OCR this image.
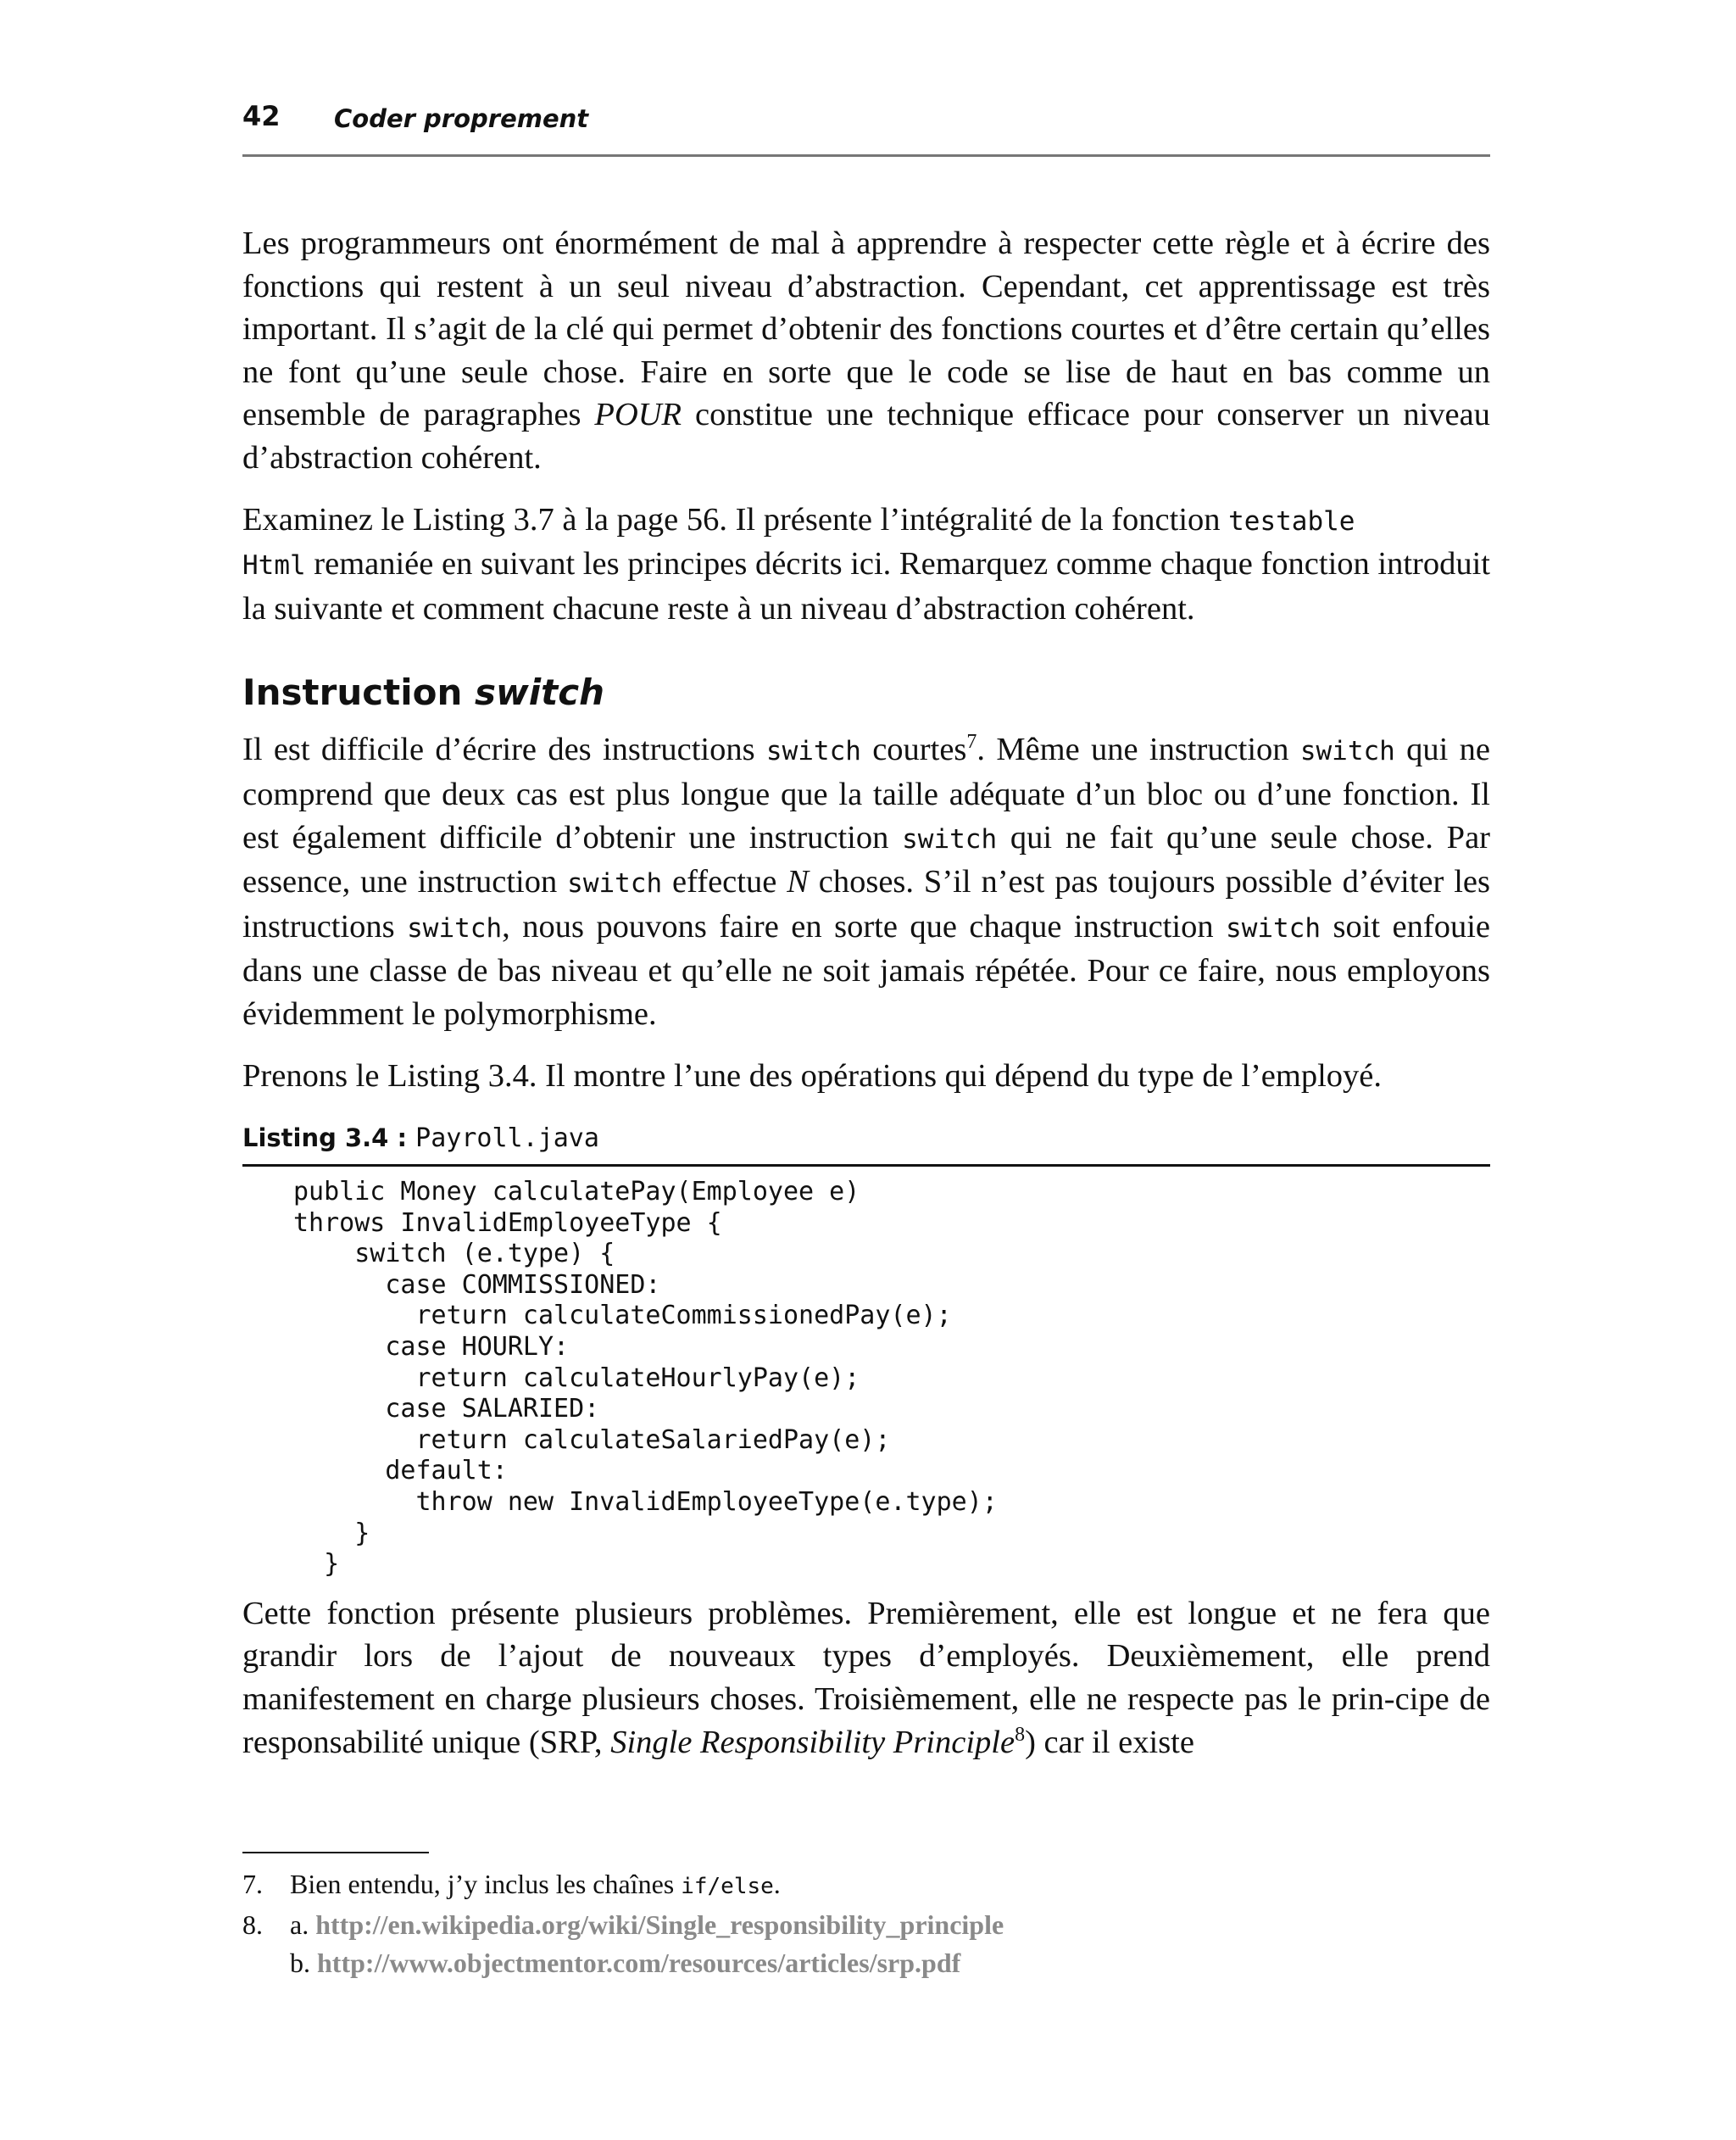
42 Coder proprement

Les programmeurs ont énormément de mal à apprendre à respecter cette règle et à écrire des fonctions qui restent à un seul niveau d’abstraction. Cependant, cet apprentissage est très important. Il s’agit de la clé qui permet d’obtenir des fonctions courtes et d’être certain qu’elles ne font qu’une seule chose. Faire en sorte que le code se lise de haut en bas comme un ensemble de paragraphes POUR constitue une technique efficace pour conserver un niveau d’abstraction cohérent.

Examinez le Listing 3.7 à la page 56. Il présente l’intégralité de la fonction testable
Html remaniée en suivant les principes décrits ici. Remarquez comme chaque fonction introduit la suivante et comment chacune reste à un niveau d’abstraction cohérent.

Instruction switch

Il est difficile d’écrire des instructions switch courtes$^7$. Même une instruction switch qui ne comprend que deux cas est plus longue que la taille adéquate d’un bloc ou d’une fonction. Il est également difficile d’obtenir une instruction switch qui ne fait qu’une seule chose. Par essence, une instruction switch effectue N choses. S’il n’est pas toujours possible d’éviter les instructions switch, nous pouvons faire en sorte que chaque instruction switch soit enfouie dans une classe de bas niveau et qu’elle ne soit jamais répétée. Pour ce faire, nous employons évidemment le polymorphisme.

Prenons le Listing 3.4. Il montre l’une des opérations qui dépend du type de l’employé.

Listing 3.4 : Payroll.java
public Money calculatePay(Employee e)
throws InvalidEmployeeType {
switch (e.type) {
case COMMISSIONED:
return calculateCommissionedPay(e);
case HOURLY:
return calculateHourlyPay(e);
case SALARIED:
return calculateSalariedPay(e);
default:
throw new InvalidEmployeeType(e.type);
}
}

Cette fonction présente plusieurs problèmes. Premièrement, elle est longue et ne fera que grandir lors de l’ajout de nouveaux types d’employés. Deuxièmement, elle prend manifestement en charge plusieurs choses. Troisièmement, elle ne respecte pas le prin-cipe de responsabilité unique (SRP, Single Responsibility Principle$^8$) car il existe

7. Bien entendu, j’y inclus les chaînes if/else.
8. a. http://en.wikipedia.org/wiki/Single_responsibility_principle
b. http://www.objectmentor.com/resources/articles/srp.pdf
